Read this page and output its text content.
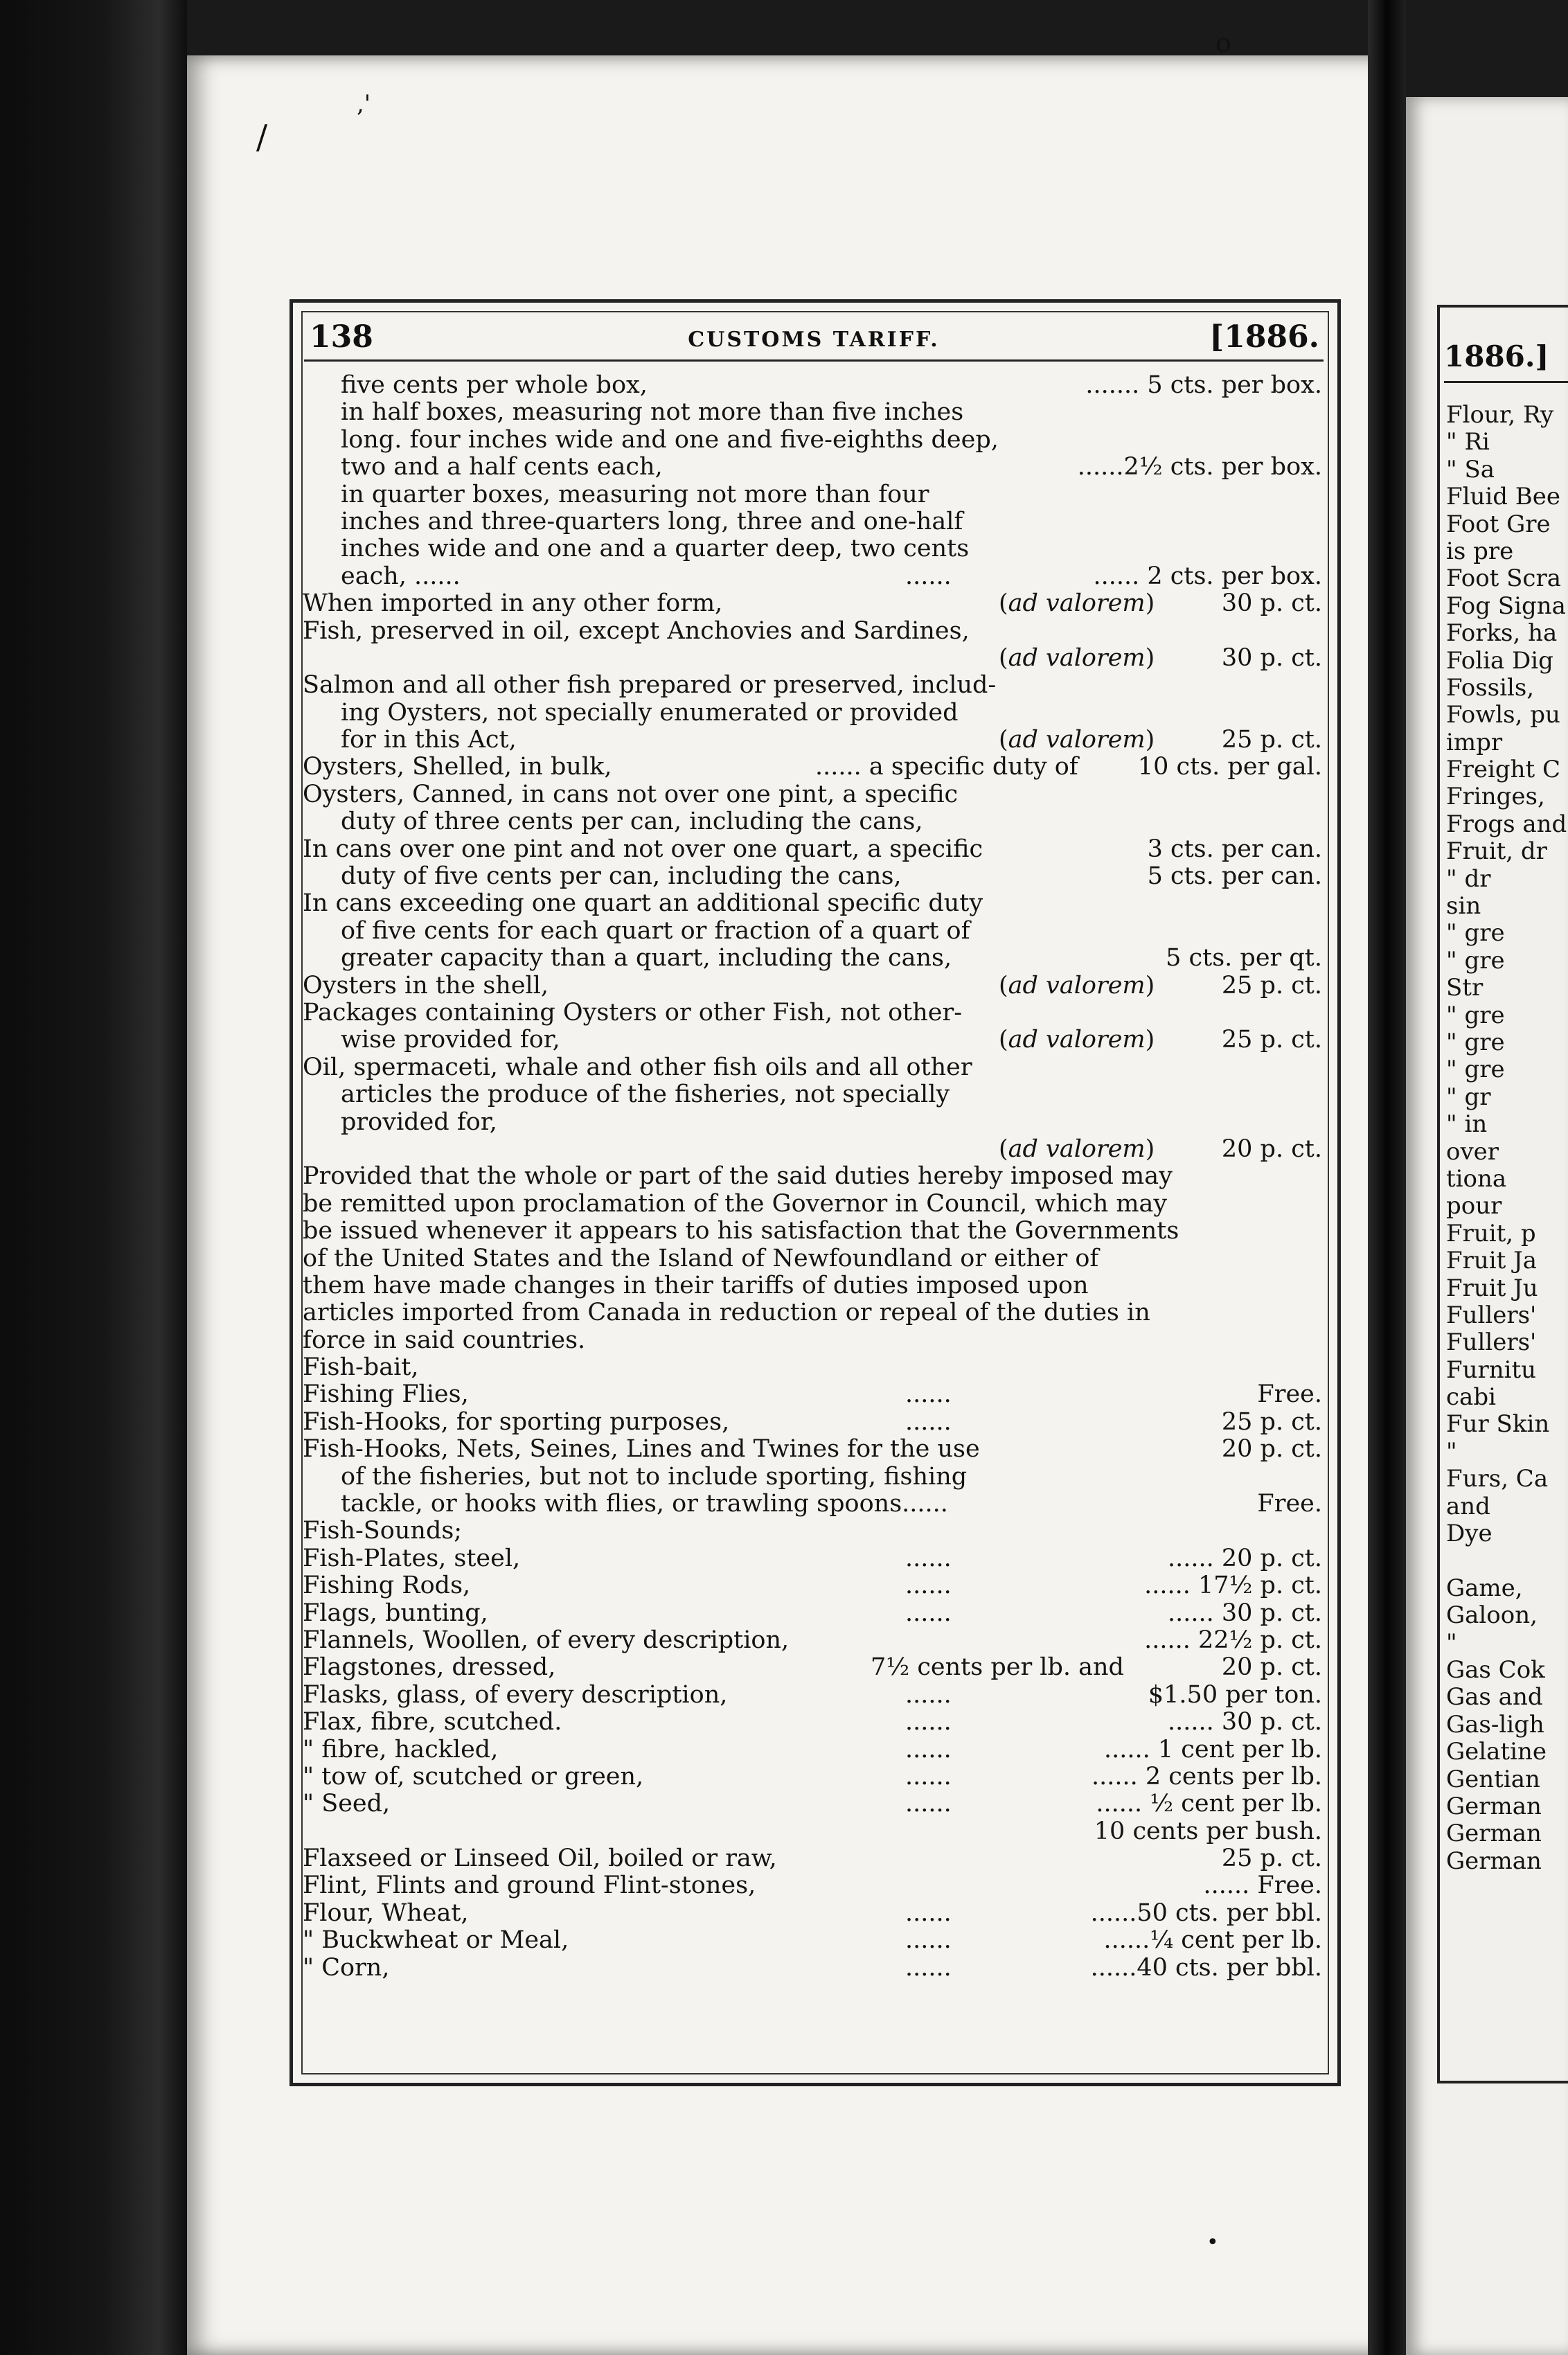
1886.]
Flour, Ry
" Ri
" Sa
Fluid Bee
Foot Gre
is pre
Foot Scra
Fog Signa
Forks, ha
Folia Dig
Fossils,
Fowls, pu
impr
Freight C
Fringes,
Frogs and
Fruit, dr
" dr
sin
" gre
" gre
Str
" gre
" gre
" gre
" gr
" in
over
tiona
pour
Fruit, p
Fruit Ja
Fruit Ju
Fullers'
Fullers'
Furnitu
cabi
Fur Skin
"
Furs, Ca
and
Dye
Game,
Galoon,
"
Gas Cok
Gas and
Gas-ligh
Gelatine
Gentian
German
German
German
138	CUSTOMS TARIFF.	[1886.
five cents per whole box,	....... 5 cts. per box.
in half boxes, measuring not more than five inches
long. four inches wide and one and five-eighths deep,
two and a half cents each,	......2½ cts. per box.
in quarter boxes, measuring not more than four
inches and three-quarters long, three and one-half
inches wide and one and a quarter deep, two cents
each, ......	......	...... 2 cts. per box.
When imported in any other form,	(ad valorem)	30 p. ct.
Fish, preserved in oil, except Anchovies and Sardines,
(ad valorem)	30 p. ct.
Salmon and all other fish prepared or preserved, includ-
ing Oysters, not specially enumerated or provided
for in this Act,	(ad valorem)	25 p. ct.
Oysters, Shelled, in bulk,	...... a specific duty of 10 cts. per gal.
Oysters, Canned, in cans not over one pint, a specific
duty of three cents per can, including the cans,
In cans over one pint and not over one quart, a specific	3 cts. per can.
duty of five cents per can, including the cans,	5 cts. per can.
In cans exceeding one quart an additional specific duty
of five cents for each quart or fraction of a quart of
greater capacity than a quart, including the cans,	5 cts. per qt.
Oysters in the shell,	(ad valorem)	25 p. ct.
Packages containing Oysters or other Fish, not other-
wise provided for,	(ad valorem)	25 p. ct.
Oil, spermaceti, whale and other fish oils and all other
articles the produce of the fisheries, not specially
provided for,
(ad valorem)	20 p. ct.
Provided that the whole or part of the said duties hereby imposed may
be remitted upon proclamation of the Governor in Council, which may
be issued whenever it appears to his satisfaction that the Governments
of the United States and the Island of Newfoundland or either of
them have made changes in their tariffs of duties imposed upon
articles imported from Canada in reduction or repeal of the duties in
force in said countries.
Fish-bait,
Fishing Flies,	......	Free.
Fish-Hooks, for sporting purposes,	......	25 p. ct.
Fish-Hooks, Nets, Seines, Lines and Twines for the use	20 p. ct.
of the fisheries, but not to include sporting, fishing
tackle, or hooks with flies, or trawling spoons......	Free.
Fish-Sounds;
Fish-Plates, steel,	......	...... 20 p. ct.
Fishing Rods,	......	...... 17½ p. ct.
Flags, bunting,	......	...... 30 p. ct.
Flannels, Woollen, of every description,	...... 22½ p. ct.
Flagstones, dressed,	7½ cents per lb. and	20 p. ct.
Flasks, glass, of every description,	......	$1.50 per ton.
Flax, fibre, scutched.	......	...... 30 p. ct.
" fibre, hackled,	......	...... 1 cent per lb.
" tow of, scutched or green,	......	...... 2 cents per lb.
" Seed,	......	...... ½ cent per lb.
10 cents per bush.
Flaxseed or Linseed Oil, boiled or raw,	25 p. ct.
Flint, Flints and ground Flint-stones,	...... Free.
Flour, Wheat,	......	......50 cts. per bbl.
" Buckwheat or Meal,	......	......¼ cent per lb.
" Corn,	......	......40 cts. per bbl.
/
,'
o
•
